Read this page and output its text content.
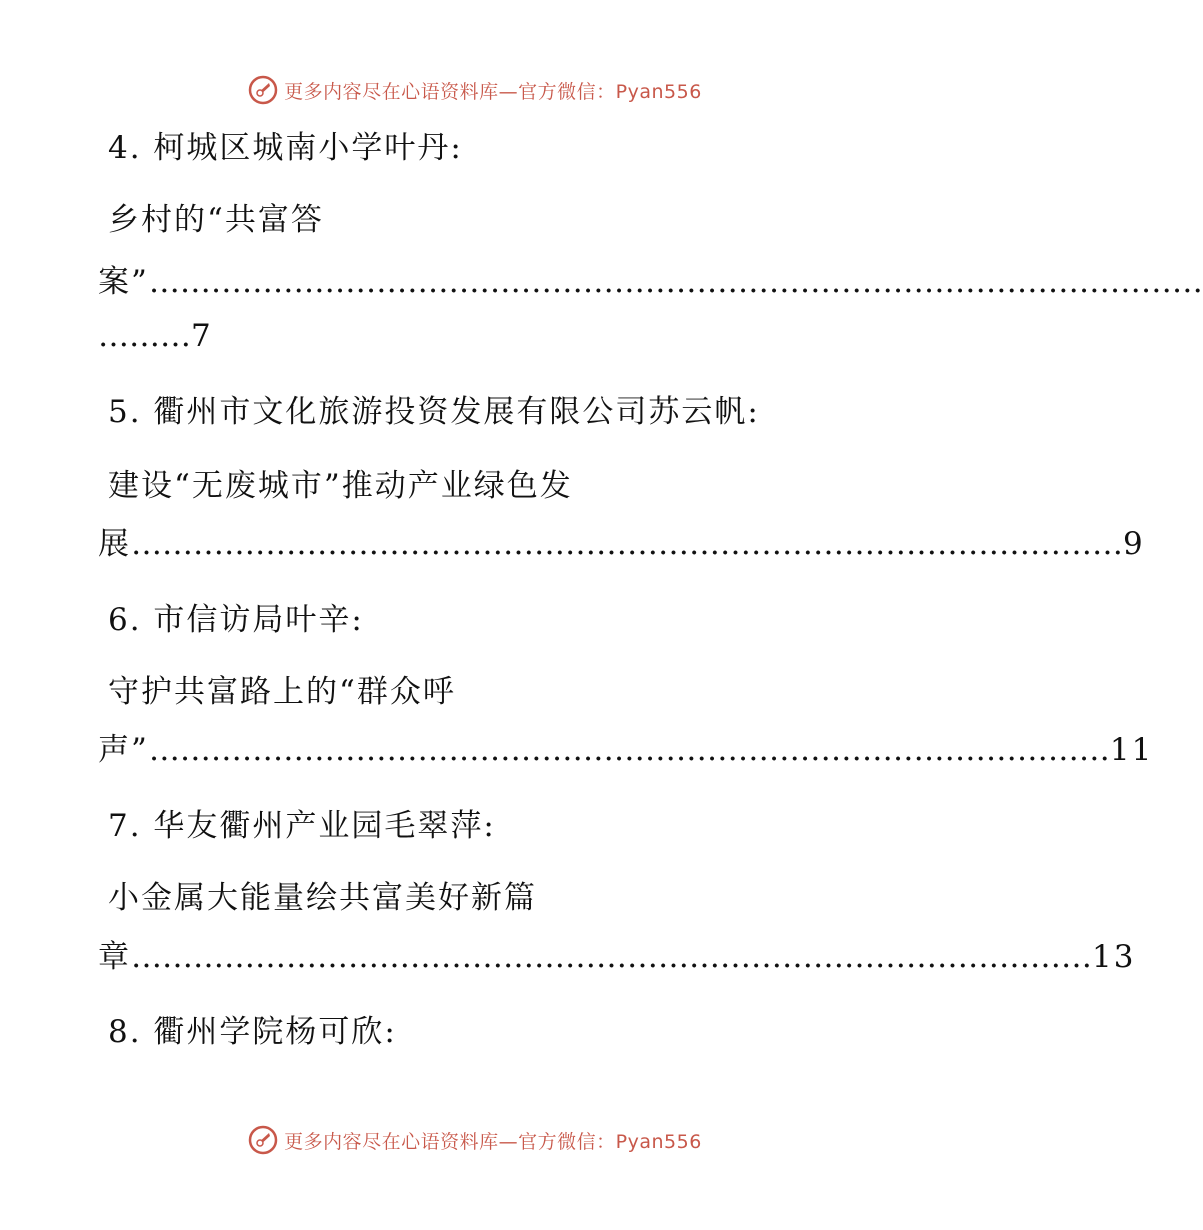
更多内容尽在心语资料库—官方微信：Pyan556
4. 柯城区城南小学叶丹:
乡村的“共富答
案”…………………………………………………………………………………………
………7
5. 衢州市文化旅游投资发展有限公司苏云帆:
建设“无废城市”推动产业绿色发
展……………………………………………………………………………………9
6. 市信访局叶辛:
守护共富路上的“群众呼
声”…………………………………………………………………………………11
7. 华友衢州产业园毛翠萍:
小金属大能量绘共富美好新篇
章…………………………………………………………………………………13
8. 衢州学院杨可欣:
更多内容尽在心语资料库—官方微信：Pyan556
